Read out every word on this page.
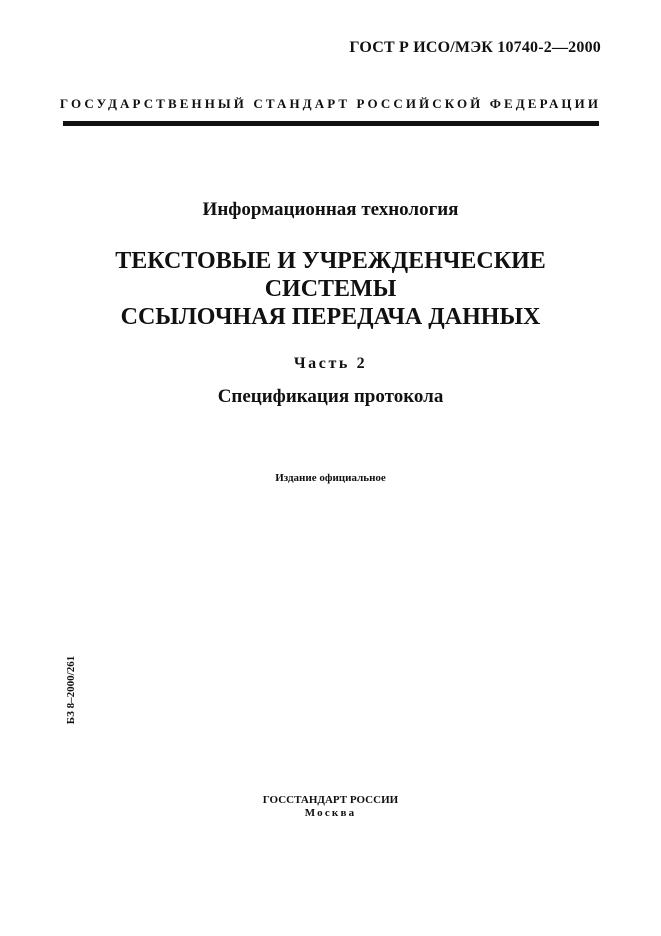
ГОСТ Р ИСО/МЭК 10740-2—2000
ГОСУДАРСТВЕННЫЙ СТАНДАРТ РОССИЙСКОЙ ФЕДЕРАЦИИ
Информационная технология
ТЕКСТОВЫЕ И УЧРЕЖДЕНЧЕСКИЕ
СИСТЕМЫ
ССЫЛОЧНАЯ ПЕРЕДАЧА ДАННЫХ
Часть 2
Спецификация протокола
Издание официальное
БЗ 8–2000/261
ГОССТАНДАРТ РОССИИ
Москва
